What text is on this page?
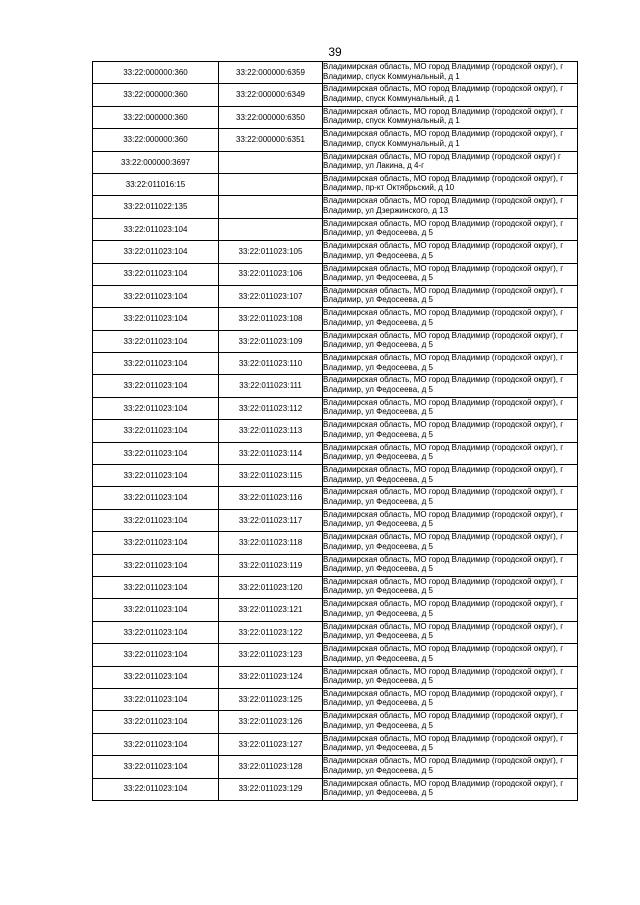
39
33:22:000000:360	33:22:000000:6359	Владимирская область, МО город Владимир (городской округ), г Владимир, спуск Коммунальный, д 1
33:22:000000:360	33:22:000000:6349	Владимирская область, МО город Владимир (городской округ), г Владимир, спуск Коммунальный, д 1
33:22:000000:360	33:22:000000:6350	Владимирская область, МО город Владимир (городской округ), г Владимир, спуск Коммунальный, д 1
33:22:000000:360	33:22:000000:6351	Владимирская область, МО город Владимир (городской округ), г Владимир, спуск Коммунальный, д 1
33:22:000000:3697		Владимирская область, МО город Владимир (городской округ) г Владимир, ул Лакина, д 4-г
33:22:011016:15		Владимирская область, МО город Владимир (городской округ), г Владимир, пр-кт Октябрьский, д 10
33:22:011022:135		Владимирская область, МО город Владимир (городской округ), г Владимир, ул Дзержинского, д 13
33:22:011023:104		Владимирская область, МО город Владимир (городской округ), г Владимир, ул Федосеева, д 5
33:22:011023:104	33:22:011023:105	Владимирская область, МО город Владимир (городской округ), г Владимир, ул Федосеева, д 5
33:22:011023:104	33:22:011023:106	Владимирская область, МО город Владимир (городской округ), г Владимир, ул Федосеева, д 5
33:22:011023:104	33:22:011023:107	Владимирская область, МО город Владимир (городской округ), г Владимир, ул Федосеева, д 5
33:22:011023:104	33:22:011023:108	Владимирская область, МО город Владимир (городской округ), г Владимир, ул Федосеева, д 5
33:22:011023:104	33:22:011023:109	Владимирская область, МО город Владимир (городской округ), г Владимир, ул Федосеева, д 5
33:22:011023:104	33:22:011023:110	Владимирская область, МО город Владимир (городской округ), г Владимир, ул Федосеева, д 5
33:22:011023:104	33:22:011023:111	Владимирская область, МО город Владимир (городской округ), г Владимир, ул Федосеева, д 5
33:22:011023:104	33:22:011023:112	Владимирская область, МО город Владимир (городской округ), г Владимир, ул Федосеева, д 5
33:22:011023:104	33:22:011023:113	Владимирская область, МО город Владимир (городской округ), г Владимир, ул Федосеева, д 5
33:22:011023:104	33:22:011023:114	Владимирская область, МО город Владимир (городской округ), г Владимир, ул Федосеева, д 5
33:22:011023:104	33:22:011023:115	Владимирская область, МО город Владимир (городской округ), г Владимир, ул Федосеева, д 5
33:22:011023:104	33:22:011023:116	Владимирская область, МО город Владимир (городской округ), г Владимир, ул Федосеева, д 5
33:22:011023:104	33:22:011023:117	Владимирская область, МО город Владимир (городской округ), г Владимир, ул Федосеева, д 5
33:22:011023:104	33:22:011023:118	Владимирская область, МО город Владимир (городской округ), г Владимир, ул Федосеева, д 5
33:22:011023:104	33:22:011023:119	Владимирская область, МО город Владимир (городской округ), г Владимир, ул Федосеева, д 5
33:22:011023:104	33:22:011023:120	Владимирская область, МО город Владимир (городской округ), г Владимир, ул Федосеева, д 5
33:22:011023:104	33:22:011023:121	Владимирская область, МО город Владимир (городской округ), г Владимир, ул Федосеева, д 5
33:22:011023:104	33:22:011023:122	Владимирская область, МО город Владимир (городской округ), г Владимир, ул Федосеева, д 5
33:22:011023:104	33:22:011023:123	Владимирская область, МО город Владимир (городской округ), г Владимир, ул Федосеева, д 5
33:22:011023:104	33:22:011023:124	Владимирская область, МО город Владимир (городской округ), г Владимир, ул Федосеева, д 5
33:22:011023:104	33:22:011023:125	Владимирская область, МО город Владимир (городской округ), г Владимир, ул Федосеева, д 5
33:22:011023:104	33:22:011023:126	Владимирская область, МО город Владимир (городской округ), г Владимир, ул Федосеева, д 5
33:22:011023:104	33:22:011023:127	Владимирская область, МО город Владимир (городской округ), г Владимир, ул Федосеева, д 5
33:22:011023:104	33:22:011023:128	Владимирская область, МО город Владимир (городской округ), г Владимир, ул Федосеева, д 5
33:22:011023:104	33:22:011023:129	Владимирская область, МО город Владимир (городской округ), г Владимир, ул Федосеева, д 5
